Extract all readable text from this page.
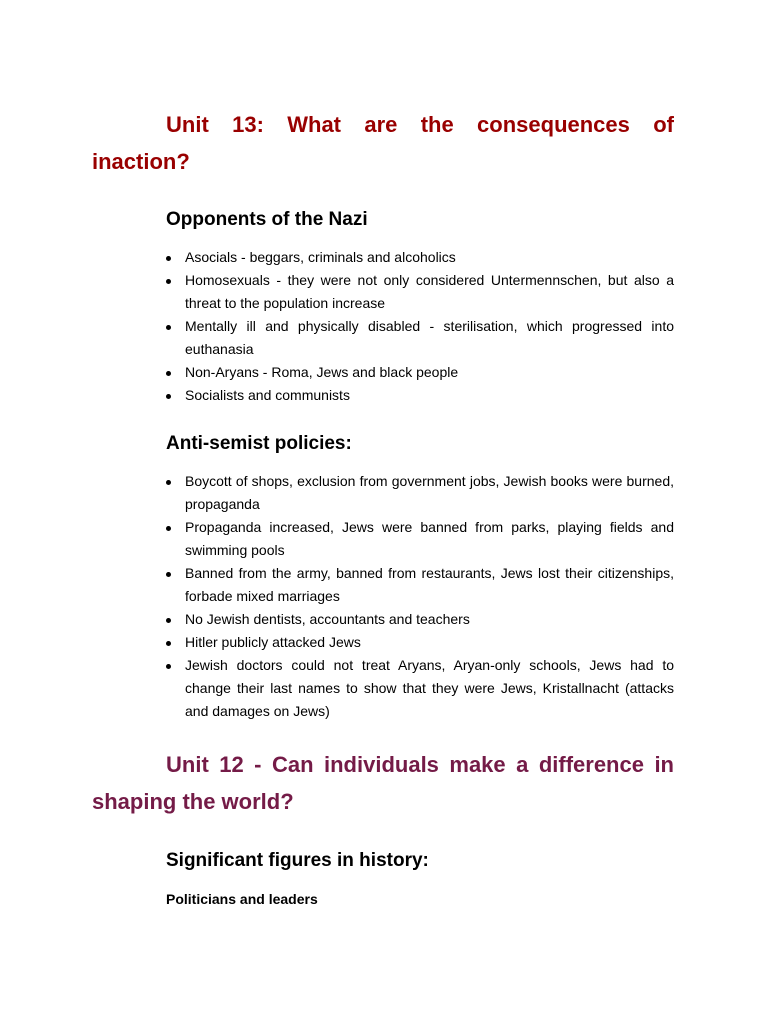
Unit 13: What are the consequences of inaction?
Opponents of the Nazi
Asocials - beggars, criminals and alcoholics
Homosexuals - they were not only considered Untermennschen, but also a threat to the population increase
Mentally ill and physically disabled - sterilisation, which progressed into euthanasia
Non-Aryans - Roma, Jews and black people
Socialists and communists
Anti-semist policies:
Boycott of shops, exclusion from government jobs, Jewish books were burned, propaganda
Propaganda increased, Jews were banned from parks, playing fields and swimming pools
Banned from the army, banned from restaurants, Jews lost their citizenships, forbade mixed marriages
No Jewish dentists, accountants and teachers
Hitler publicly attacked Jews
Jewish doctors could not treat Aryans, Aryan-only schools, Jews had to change their last names to show that they were Jews, Kristallnacht (attacks and damages on Jews)
Unit 12 - Can individuals make a difference in shaping the world?
Significant figures in history:
Politicians and leaders
